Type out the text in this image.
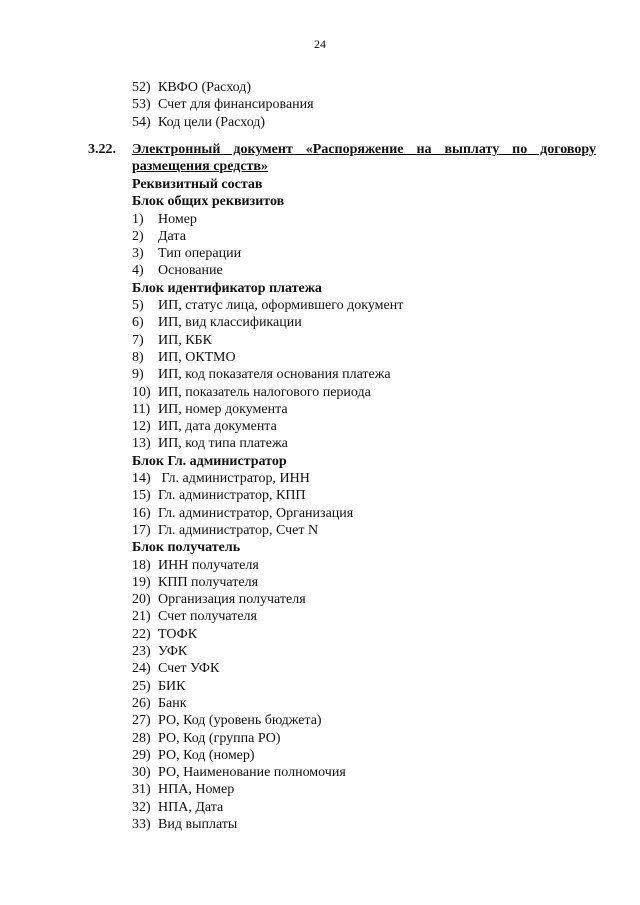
24
52) КВФО (Расход)
53) Счет для финансирования
54) Код цели (Расход)
3.22. Электронный документ «Распоряжение на выплату по договору
размещения средств»
Реквизитный состав
Блок общих реквизитов
1) Номер
2) Дата
3) Тип операции
4) Основание
Блок идентификатор платежа
5) ИП, статус лица, оформившего документ
6) ИП, вид классификации
7) ИП, КБК
8) ИП, ОКТМО
9) ИП, код показателя основания платежа
10) ИП, показатель налогового периода
11) ИП, номер документа
12) ИП, дата документа
13) ИП, код типа платежа
Блок Гл. администратор
14) Гл. администратор, ИНН
15) Гл. администратор, КПП
16) Гл. администратор, Организация
17) Гл. администратор, Счет N
Блок получатель
18) ИНН получателя
19) КПП получателя
20) Организация получателя
21) Счет получателя
22) ТОФК
23) УФК
24) Счет УФК
25) БИК
26) Банк
27) РО, Код (уровень бюджета)
28) РО, Код (группа РО)
29) РО, Код (номер)
30) РО, Наименование полномочия
31) НПА, Номер
32) НПА, Дата
33) Вид выплаты
